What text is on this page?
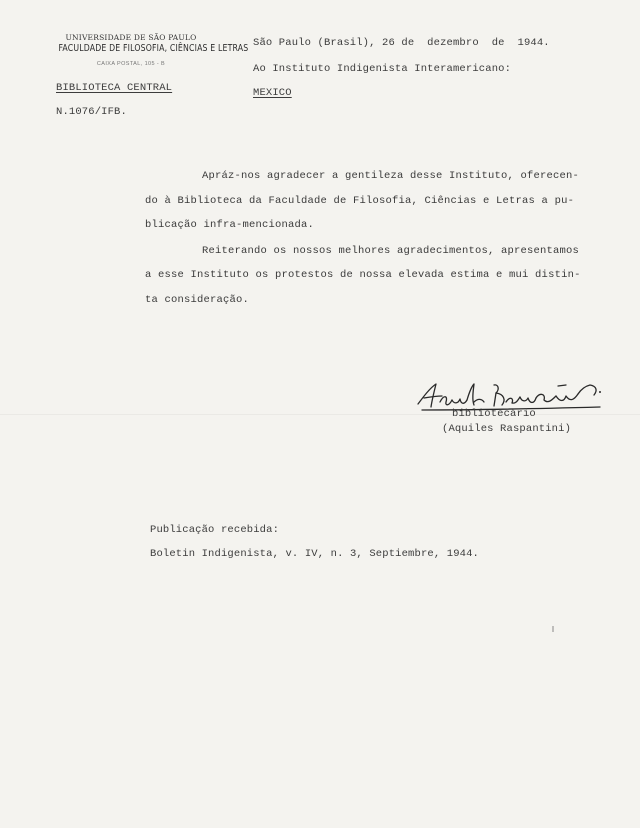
UNIVERSIDADE DE SÃO PAULO
FACULDADE DE FILOSOFIA, CIÊNCIAS E LETRAS
CAIXA POSTAL, 105 - B
BIBLIOTECA CENTRAL
N.1076/IFB.
São Paulo (Brasil), 26 de  dezembro  de  1944.
Ao Instituto Indigenista Interamericano:
MEXICO
Apráz-nos agradecer a gentileza desse Instituto, oferecen-
do à Biblioteca da Faculdade de Filosofia, Ciências e Letras a pu-
blicação infra-mencionada.
Reiterando os nossos melhores agradecimentos, apresentamos
a esse Instituto os protestos de nossa elevada estima e mui distin-
ta consideração.
bibliotecário
(Aquiles Raspantini)
Publicação recebida:
Boletin Indigenista, v. IV, n. 3, Septiembre, 1944.
